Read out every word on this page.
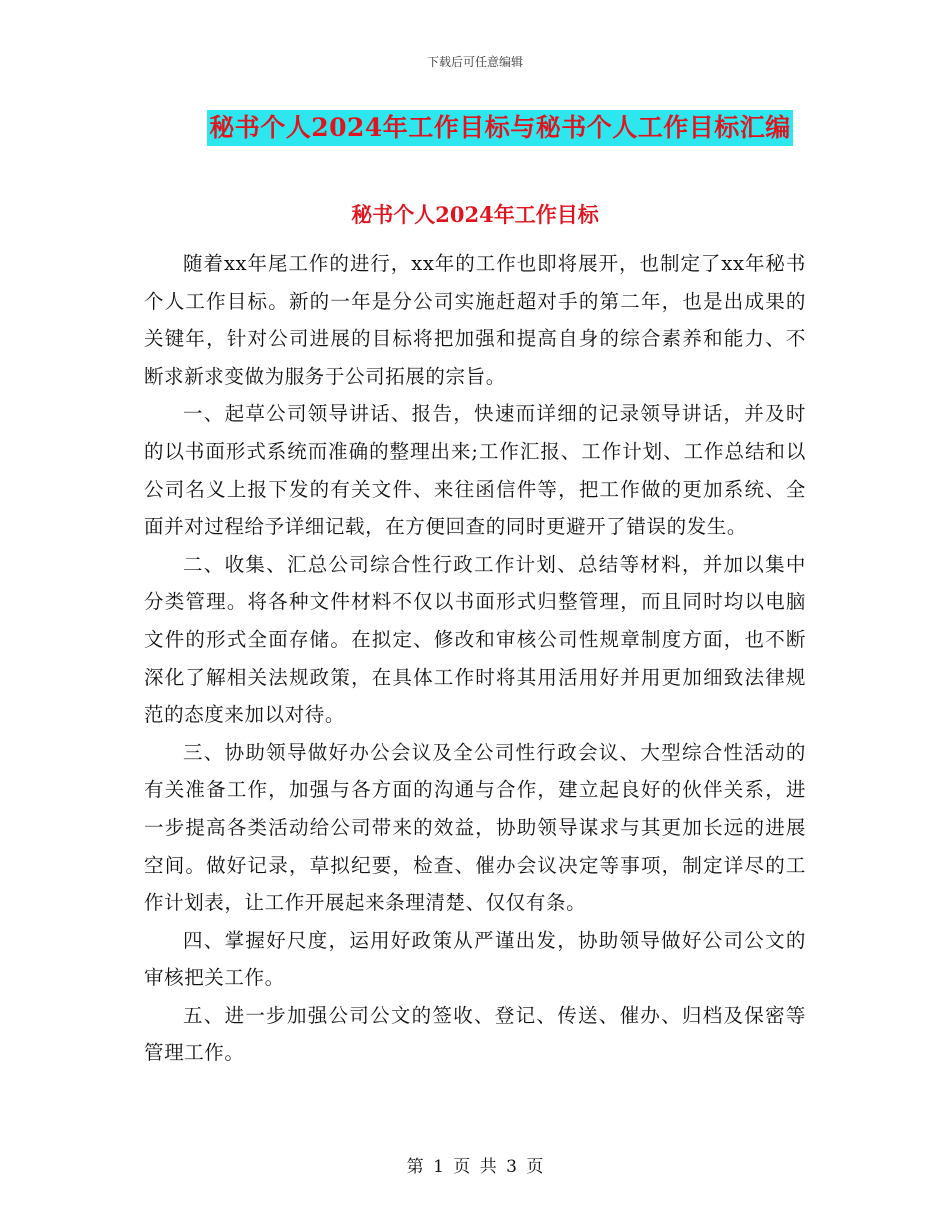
下载后可任意编辑
秘书个人2024年工作目标与秘书个人工作目标汇编
秘书个人2024年工作目标

随着xx年尾工作的进行，xx年的工作也即将展开，也制定了xx年秘书个人工作目标。新的一年是分公司实施赶超对手的第二年，也是出成果的关键年，针对公司进展的目标将把加强和提高自身的综合素养和能力、不断求新求变做为服务于公司拓展的宗旨。

一、起草公司领导讲话、报告，快速而详细的记录领导讲话，并及时的以书面形式系统而准确的整理出来;工作汇报、工作计划、工作总结和以公司名义上报下发的有关文件、来往函信件等，把工作做的更加系统、全面并对过程给予详细记载，在方便回查的同时更避开了错误的发生。

二、收集、汇总公司综合性行政工作计划、总结等材料，并加以集中分类管理。将各种文件材料不仅以书面形式归整管理，而且同时均以电脑文件的形式全面存储。在拟定、修改和审核公司性规章制度方面，也不断深化了解相关法规政策，在具体工作时将其用活用好并用更加细致法律规范的态度来加以对待。

三、协助领导做好办公会议及全公司性行政会议、大型综合性活动的有关准备工作，加强与各方面的沟通与合作，建立起良好的伙伴关系，进一步提高各类活动给公司带来的效益，协助领导谋求与其更加长远的进展空间。做好记录，草拟纪要，检查、催办会议决定等事项，制定详尽的工作计划表，让工作开展起来条理清楚、仅仅有条。

四、掌握好尺度，运用好政策从严谨出发，协助领导做好公司公文的审核把关工作。

五、进一步加强公司公文的签收、登记、传送、催办、归档及保密等管理工作。

第 1 页 共 3 页
